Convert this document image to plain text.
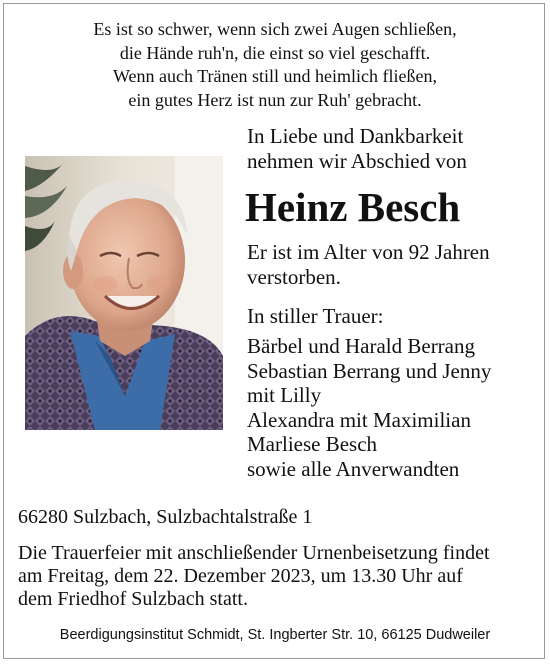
Es ist so schwer, wenn sich zwei Augen schließen,
die Hände ruh'n, die einst so viel geschafft.
Wenn auch Tränen still und heimlich fließen,
ein gutes Herz ist nun zur Ruh' gebracht.
In Liebe und Dankbarkeit
nehmen wir Abschied von
Heinz Besch
Er ist im Alter von 92 Jahren
verstorben.
In stiller Trauer:
Bärbel und Harald Berrang
Sebastian Berrang und Jenny
mit Lilly
Alexandra mit Maximilian
Marliese Besch
sowie alle Anverwandten
66280 Sulzbach, Sulzbachtalstraße 1
Die Trauerfeier mit anschließender Urnenbeisetzung findet
am Freitag, dem 22. Dezember 2023, um 13.30 Uhr auf
dem Friedhof Sulzbach statt.
Beerdigungsinstitut Schmidt, St. Ingberter Str. 10, 66125 Dudweiler
